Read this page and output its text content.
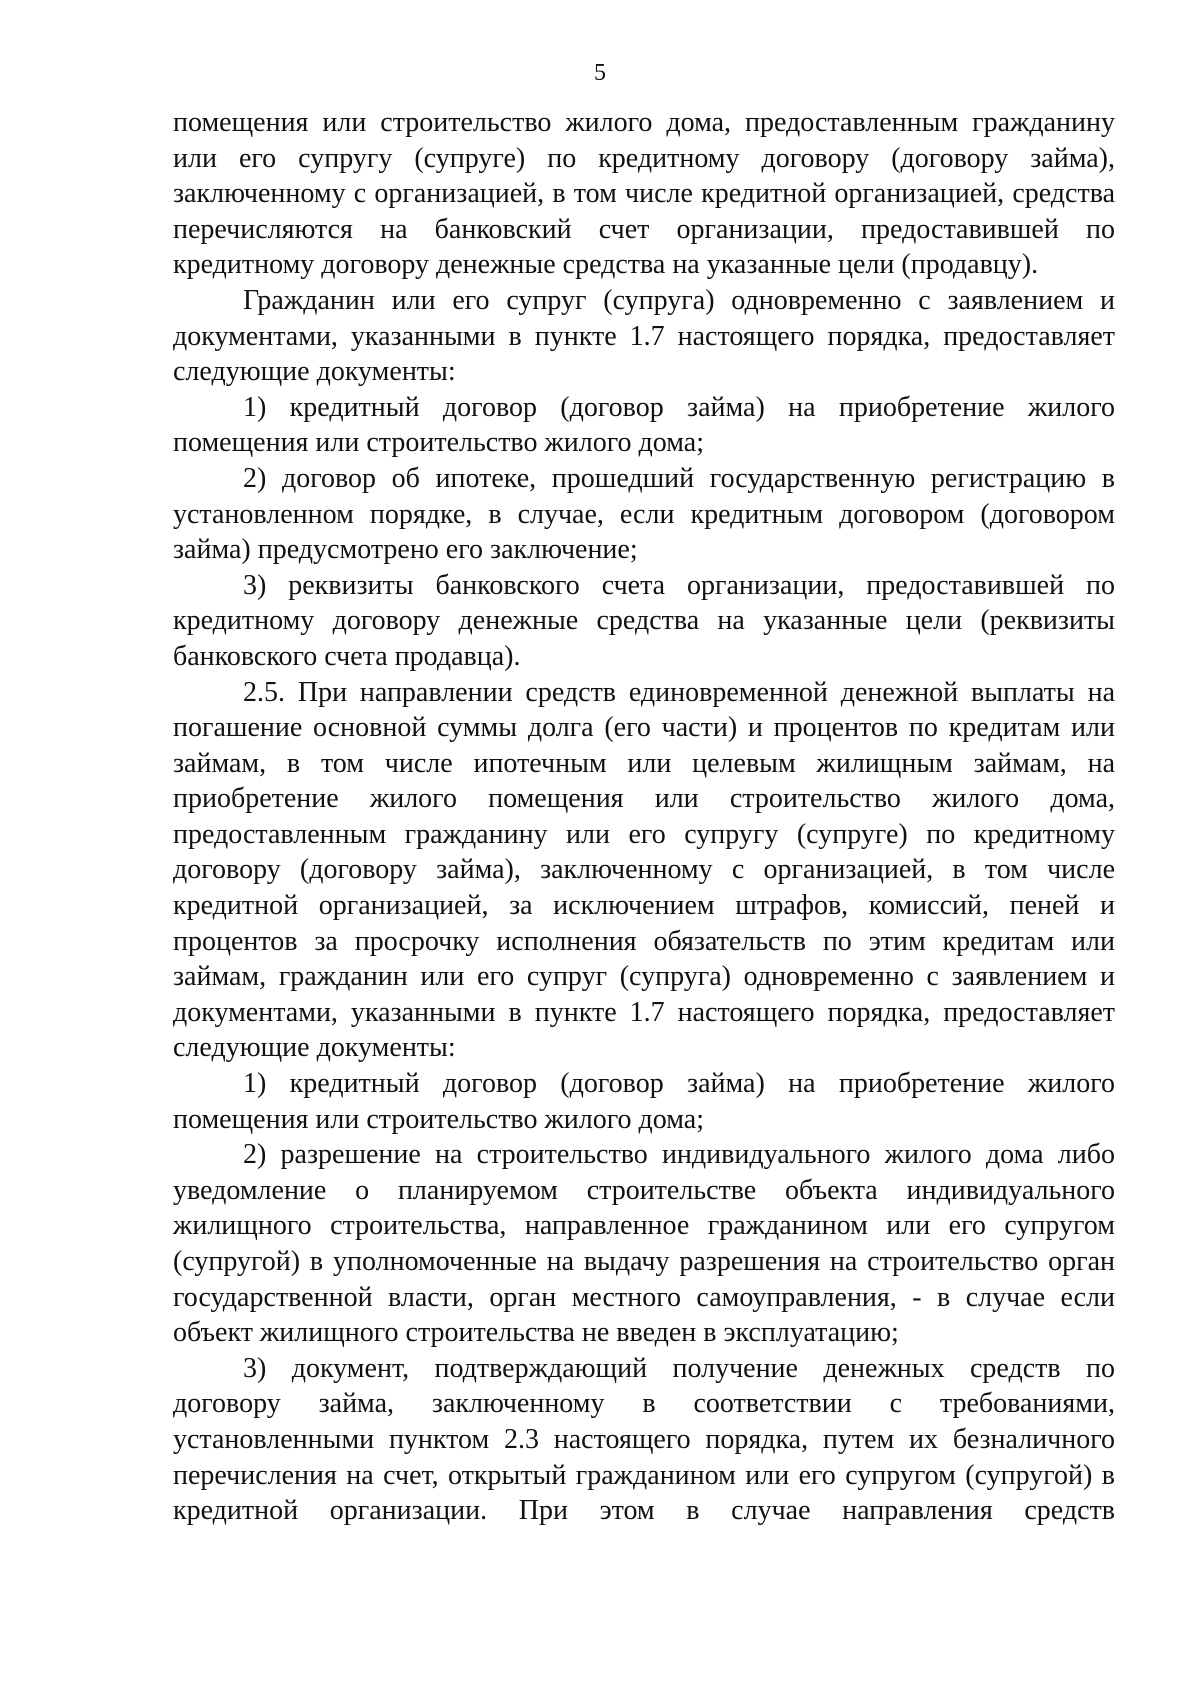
5
помещения или строительство жилого дома, предоставленным гражданину
или его супругу (супруге) по кредитному договору (договору займа),
заключенному с организацией, в том числе кредитной организацией, средства
перечисляются на банковский счет организации, предоставившей по
кредитному договору денежные средства на указанные цели (продавцу).
Гражданин или его супруг (супруга) одновременно с заявлением и
документами, указанными в пункте 1.7 настоящего порядка, предоставляет
следующие документы:
1) кредитный договор (договор займа) на приобретение жилого
помещения или строительство жилого дома;
2) договор об ипотеке, прошедший государственную регистрацию в
установленном порядке, в случае, если кредитным договором (договором
займа) предусмотрено его заключение;
3) реквизиты банковского счета организации, предоставившей по
кредитному договору денежные средства на указанные цели (реквизиты
банковского счета продавца).
2.5. При направлении средств единовременной денежной выплаты на
погашение основной суммы долга (его части) и процентов по кредитам или
займам, в том числе ипотечным или целевым жилищным займам, на
приобретение жилого помещения или строительство жилого дома,
предоставленным гражданину или его супругу (супруге) по кредитному
договору (договору займа), заключенному с организацией, в том числе
кредитной организацией, за исключением штрафов, комиссий, пеней и
процентов за просрочку исполнения обязательств по этим кредитам или
займам, гражданин или его супруг (супруга) одновременно с заявлением и
документами, указанными в пункте 1.7 настоящего порядка, предоставляет
следующие документы:
1) кредитный договор (договор займа) на приобретение жилого
помещения или строительство жилого дома;
2) разрешение на строительство индивидуального жилого дома либо
уведомление о планируемом строительстве объекта индивидуального
жилищного строительства, направленное гражданином или его супругом
(супругой) в уполномоченные на выдачу разрешения на строительство орган
государственной власти, орган местного самоуправления, - в случае если
объект жилищного строительства не введен в эксплуатацию;
3) документ, подтверждающий получение денежных средств по
договору займа, заключенному в соответствии с требованиями,
установленными пунктом 2.3 настоящего порядка, путем их безналичного
перечисления на счет, открытый гражданином или его супругом (супругой) в
кредитной организации. При этом в случае направления средств
